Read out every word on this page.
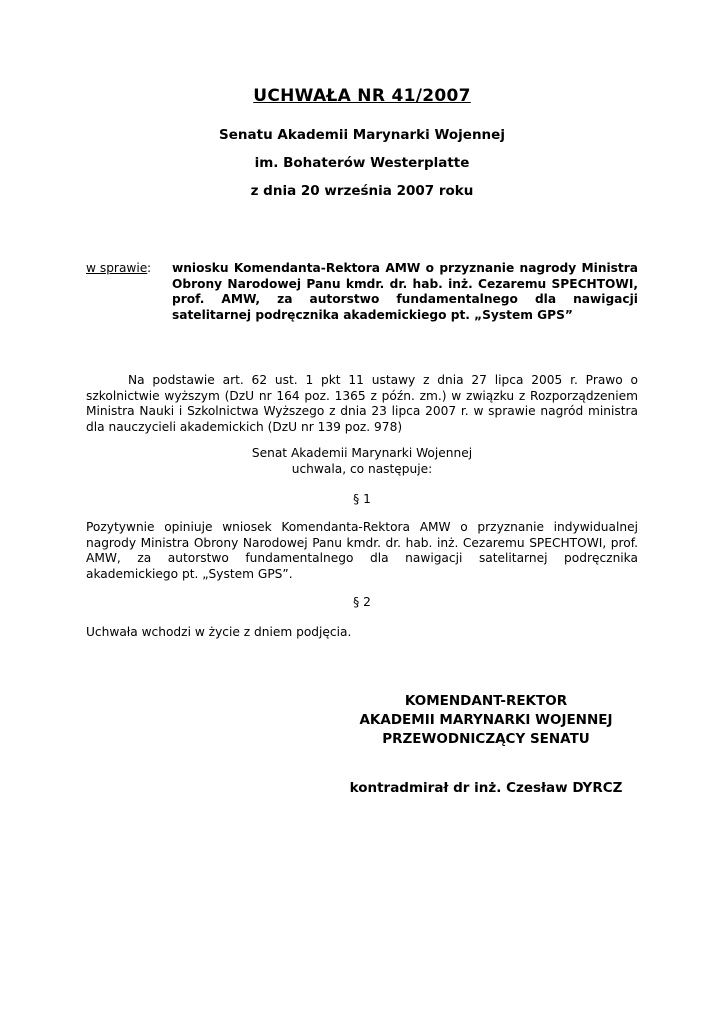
UCHWAŁA NR 41/2007
Senatu Akademii Marynarki Wojennej
im. Bohaterów Westerplatte
z dnia 20 września 2007 roku
w sprawie : wniosku Komendanta-Rektora AMW o przyznanie nagrody Ministra Obrony Narodowej Panu kmdr. dr. hab. inż. Cezaremu SPECHTOWI, prof. AMW, za autorstwo fundamentalnego dla nawigacji satelitarnej podręcznika akademickiego pt. „System GPS”
Na podstawie art. 62 ust. 1 pkt 11 ustawy z dnia 27 lipca 2005 r. Prawo o szkolnictwie wyższym (DzU nr 164 poz. 1365 z późn. zm.) w związku z Rozporządzeniem Ministra Nauki i Szkolnictwa Wyższego z dnia 23 lipca 2007 r. w sprawie nagród ministra dla nauczycieli akademickich (DzU nr 139 poz. 978)
Senat Akademii Marynarki Wojennej
uchwala, co następuje:
§ 1
Pozytywnie opiniuje wniosek Komendanta-Rektora AMW o przyznanie indywidualnej nagrody Ministra Obrony Narodowej Panu kmdr. dr. hab. inż. Cezaremu SPECHTOWI, prof. AMW, za autorstwo fundamentalnego dla nawigacji satelitarnej podręcznika akademickiego pt. „System GPS”.
§ 2
Uchwała wchodzi w życie z dniem podjęcia.
KOMENDANT-REKTOR
AKADEMII MARYNARKI WOJENNEJ
PRZEWODNICZĄCY SENATU
kontradmirał dr inż. Czesław DYRCZ
